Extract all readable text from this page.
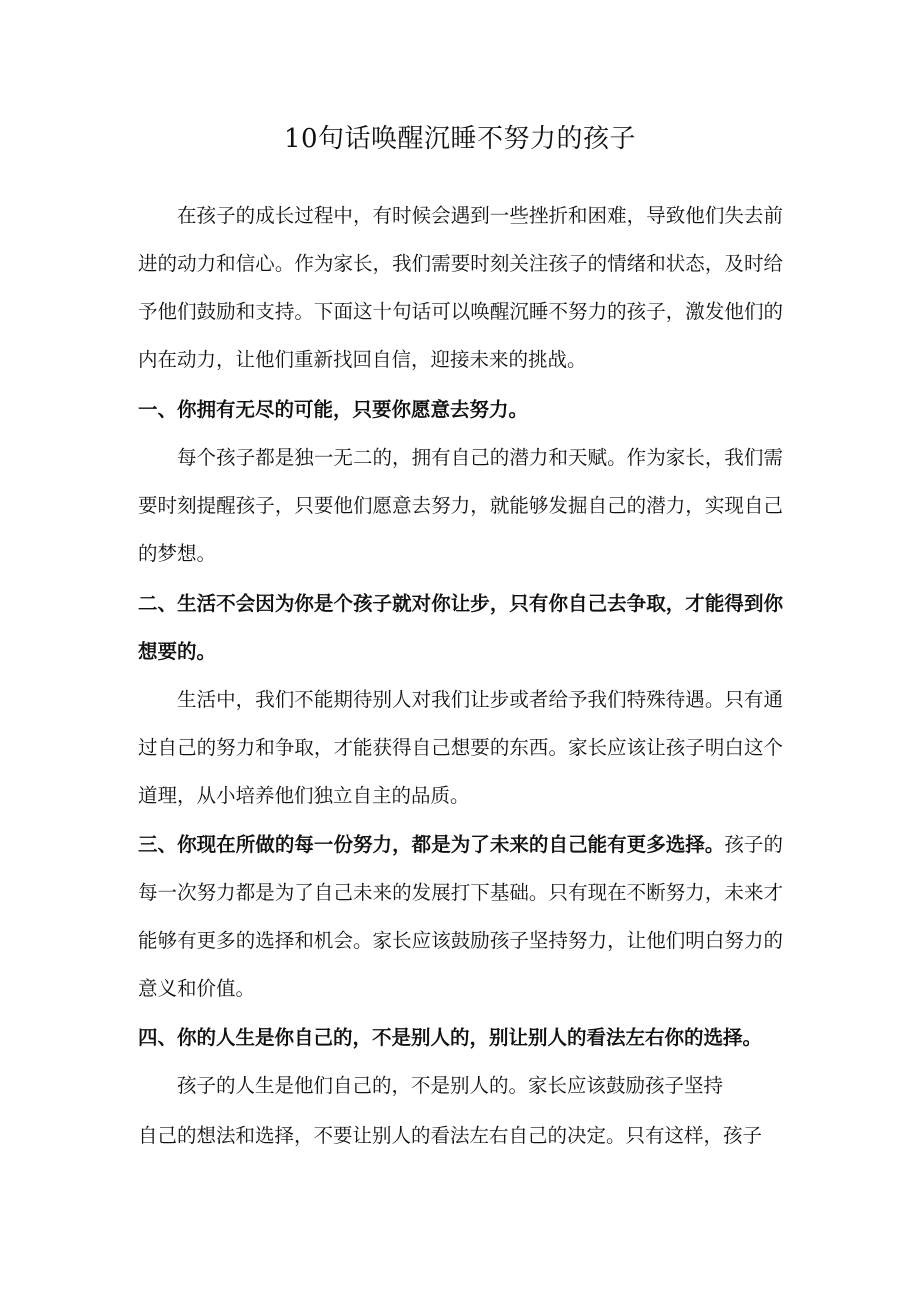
10句话唤醒沉睡不努力的孩子

在孩子的成长过程中，有时候会遇到一些挫折和困难，导致他们失去前进的动力和信心。作为家长，我们需要时刻关注孩子的情绪和状态，及时给予他们鼓励和支持。下面这十句话可以唤醒沉睡不努力的孩子，激发他们的内在动力，让他们重新找回自信，迎接未来的挑战。

一、你拥有无尽的可能，只要你愿意去努力。

每个孩子都是独一无二的，拥有自己的潜力和天赋。作为家长，我们需要时刻提醒孩子，只要他们愿意去努力，就能够发掘自己的潜力，实现自己的梦想。

二、生活不会因为你是个孩子就对你让步，只有你自己去争取，才能得到你想要的。

生活中，我们不能期待别人对我们让步或者给予我们特殊待遇。只有通过自己的努力和争取，才能获得自己想要的东西。家长应该让孩子明白这个道理，从小培养他们独立自主的品质。

三、你现在所做的每一份努力，都是为了未来的自己能有更多选择。孩子的每一次努力都是为了自己未来的发展打下基础。只有现在不断努力，未来才能够有更多的选择和机会。家长应该鼓励孩子坚持努力，让他们明白努力的意义和价值。

四、你的人生是你自己的，不是别人的，别让别人的看法左右你的选择。

孩子的人生是他们自己的，不是别人的。家长应该鼓励孩子坚持

自己的想法和选择，不要让别人的看法左右自己的决定。只有这样，孩子
